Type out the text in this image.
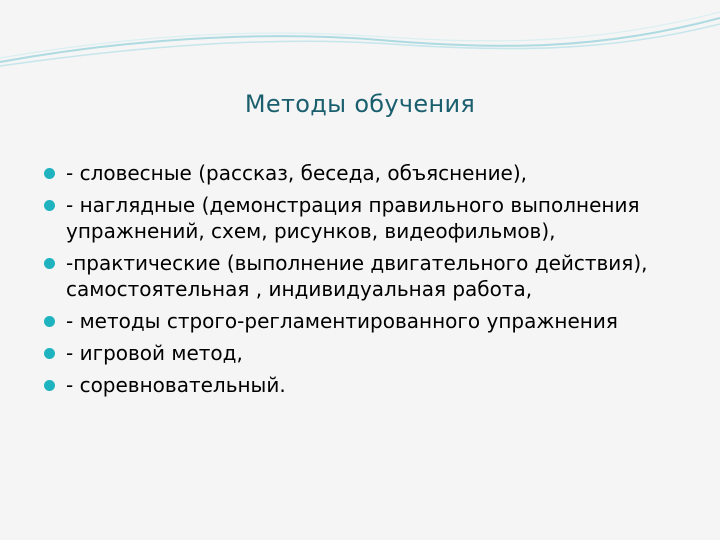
Методы обучения
- словесные (рассказ, беседа, объяснение),
- наглядные (демонстрация правильного выполнения упражнений, схем, рисунков, видеофильмов),
-практические (выполнение двигательного действия), самостоятельная , индивидуальная работа,
- методы строго-регламентированного упражнения
- игровой метод,
- соревновательный.
